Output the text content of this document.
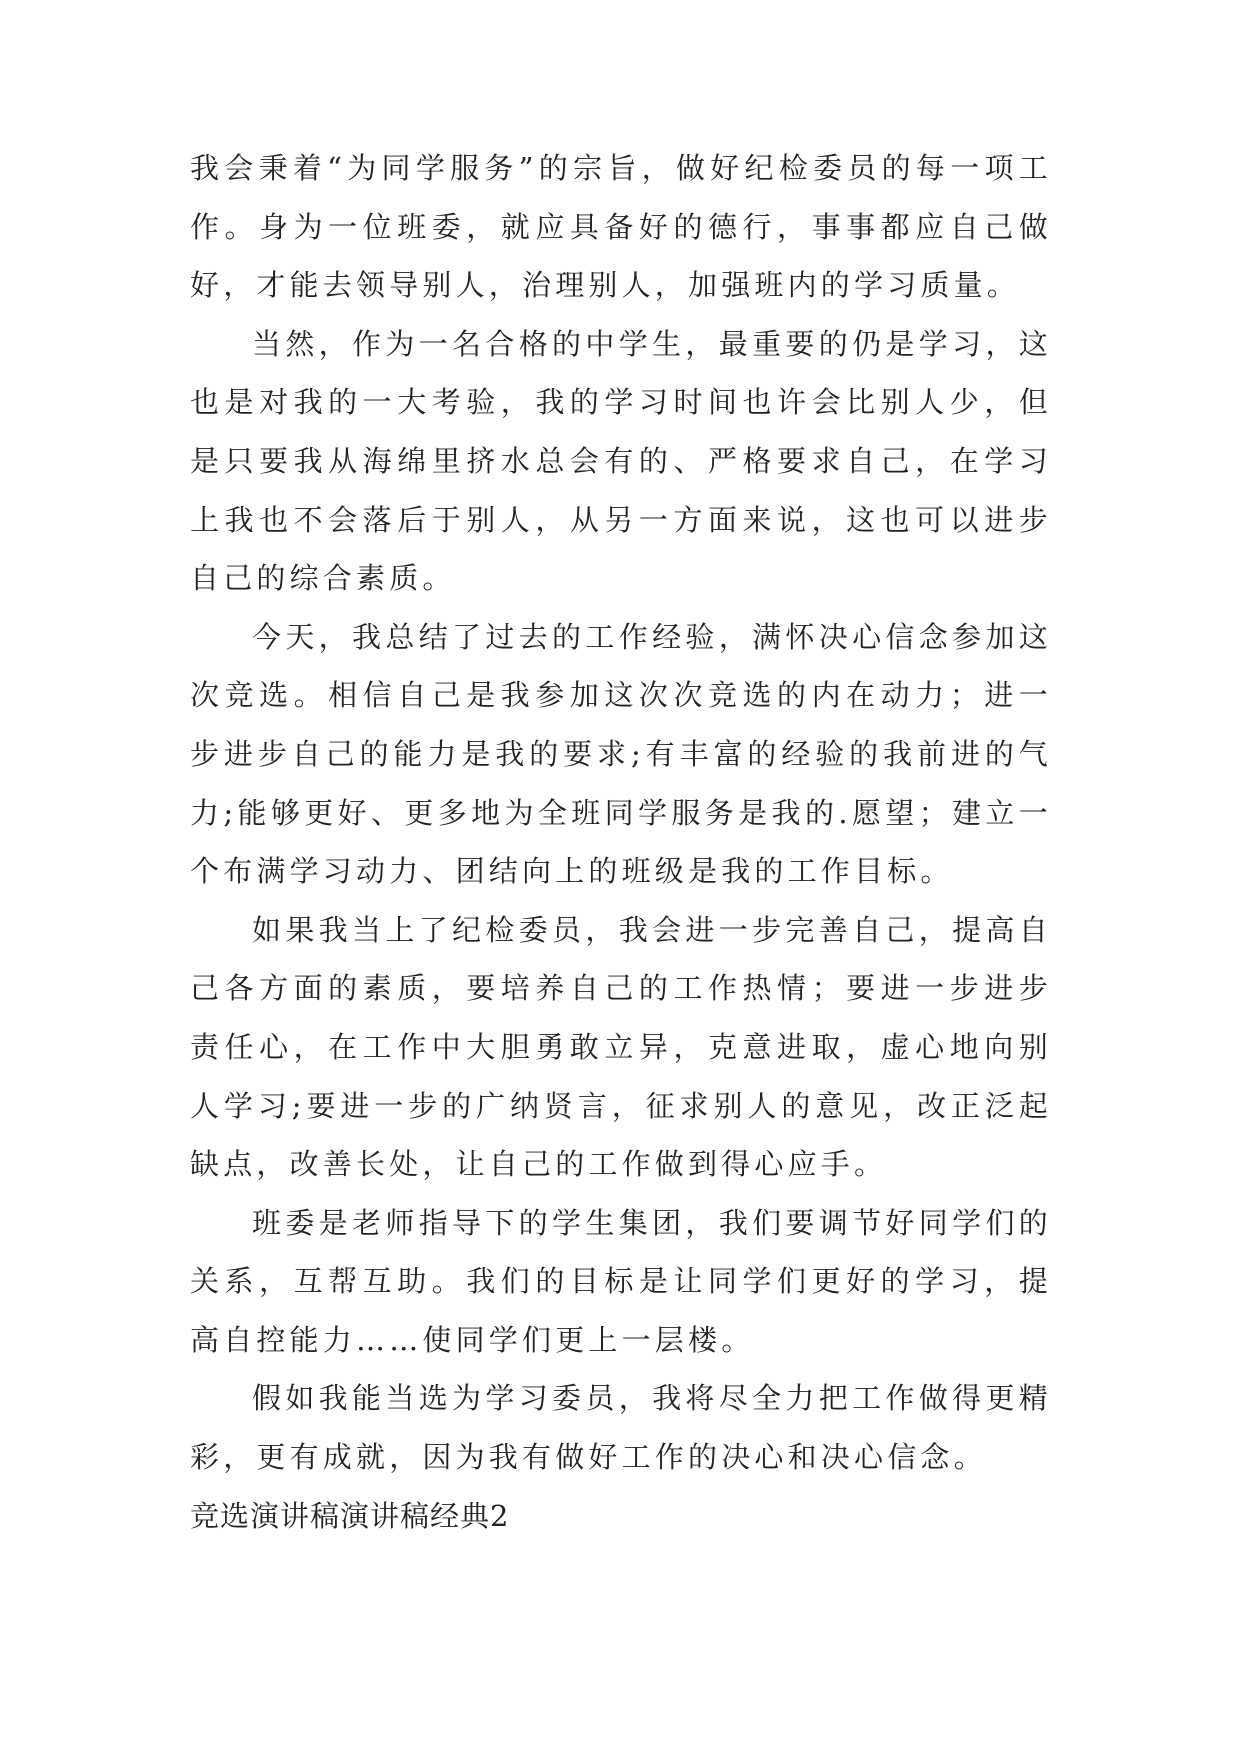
我会秉着“为同学服务”的宗旨，做好纪检委员的每一项工作。身为一位班委，就应具备好的德行，事事都应自己做好，才能去领导别人，治理别人，加强班内的学习质量。

当然，作为一名合格的中学生，最重要的仍是学习，这也是对我的一大考验，我的学习时间也许会比别人少，但是只要我从海绵里挤水总会有的、严格要求自己，在学习上我也不会落后于别人，从另一方面来说，这也可以进步自己的综合素质。

今天，我总结了过去的工作经验，满怀决心信念参加这次竞选。相信自己是我参加这次次竞选的内在动力；进一步进步自己的能力是我的要求;有丰富的经验的我前进的气力;能够更好、更多地为全班同学服务是我的.愿望；建立一个布满学习动力、团结向上的班级是我的工作目标。

如果我当上了纪检委员，我会进一步完善自己，提高自己各方面的素质，要培养自己的工作热情；要进一步进步责任心，在工作中大胆勇敢立异，克意进取，虚心地向别人学习;要进一步的广纳贤言，征求别人的意见，改正泛起缺点，改善长处，让自己的工作做到得心应手。

班委是老师指导下的学生集团，我们要调节好同学们的关系，互帮互助。我们的目标是让同学们更好的学习，提高自控能力……使同学们更上一层楼。

假如我能当选为学习委员，我将尽全力把工作做得更精彩，更有成就，因为我有做好工作的决心和决心信念。

竞选演讲稿演讲稿经典2
